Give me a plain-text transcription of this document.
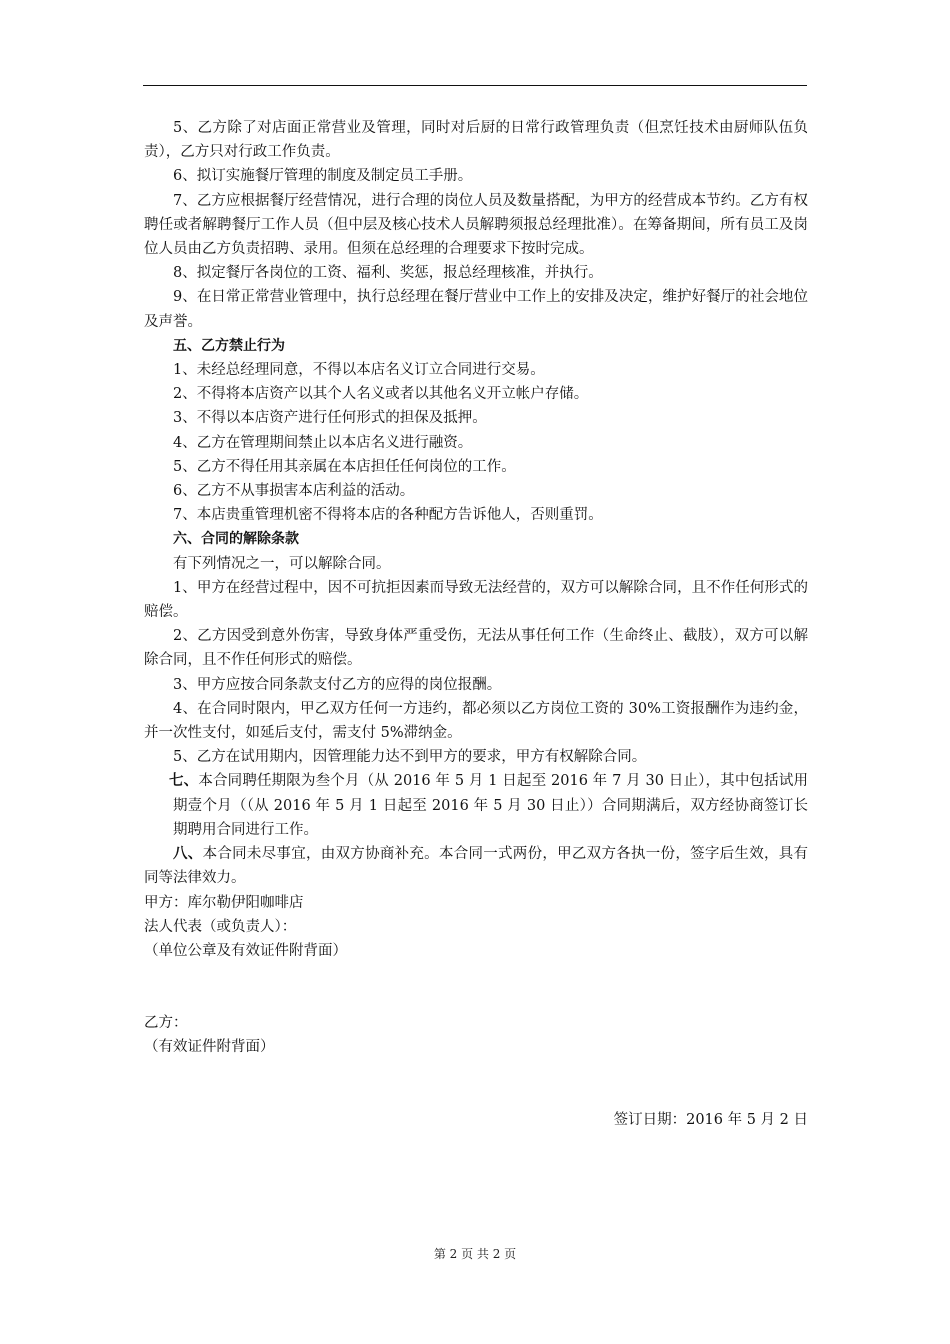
5、乙方除了对店面正常营业及管理，同时对后厨的日常行政管理负责（但烹饪技术由厨师队伍负责），乙方只对行政工作负责。

6、拟订实施餐厅管理的制度及制定员工手册。

7、乙方应根据餐厅经营情况，进行合理的岗位人员及数量搭配，为甲方的经营成本节约。乙方有权聘任或者解聘餐厅工作人员（但中层及核心技术人员解聘须报总经理批准）。在筹备期间，所有员工及岗位人员由乙方负责招聘、录用。但须在总经理的合理要求下按时完成。

8、拟定餐厅各岗位的工资、福利、奖惩，报总经理核准，并执行。

9、在日常正常营业管理中，执行总经理在餐厅营业中工作上的安排及决定，维护好餐厅的社会地位及声誉。

五、乙方禁止行为

1、未经总经理同意，不得以本店名义订立合同进行交易。

2、不得将本店资产以其个人名义或者以其他名义开立帐户存储。

3、不得以本店资产进行任何形式的担保及抵押。

4、乙方在管理期间禁止以本店名义进行融资。

5、乙方不得任用其亲属在本店担任任何岗位的工作。

6、乙方不从事损害本店利益的活动。

7、本店贵重管理机密不得将本店的各种配方告诉他人，否则重罚。

六、合同的解除条款

有下列情况之一，可以解除合同。

1、甲方在经营过程中，因不可抗拒因素而导致无法经营的，双方可以解除合同，且不作任何形式的赔偿。

2、乙方因受到意外伤害，导致身体严重受伤，无法从事任何工作（生命终止、截肢），双方可以解除合同，且不作任何形式的赔偿。

3、甲方应按合同条款支付乙方的应得的岗位报酬。

4、在合同时限内，甲乙双方任何一方违约，都必须以乙方岗位工资的 30%工资报酬作为违约金，并一次性支付，如延后支付，需支付 5%滞纳金。

5、乙方在试用期内，因管理能力达不到甲方的要求，甲方有权解除合同。

七、本合同聘任期限为叁个月（从 2016 年 5 月 1 日起至 2016 年 7 月 30 日止），其中包括试用期壹个月（（从 2016 年 5 月 1 日起至 2016 年 5 月 30 日止））合同期满后，双方经协商签订长期聘用合同进行工作。

八、本合同未尽事宜，由双方协商补充。本合同一式两份，甲乙双方各执一份，签字后生效，具有同等法律效力。

甲方：库尔勒伊阳咖啡店

法人代表（或负责人）：

（单位公章及有效证件附背面）

乙方：

（有效证件附背面）

签订日期：2016 年 5 月 2 日

第 2 页 共 2 页
